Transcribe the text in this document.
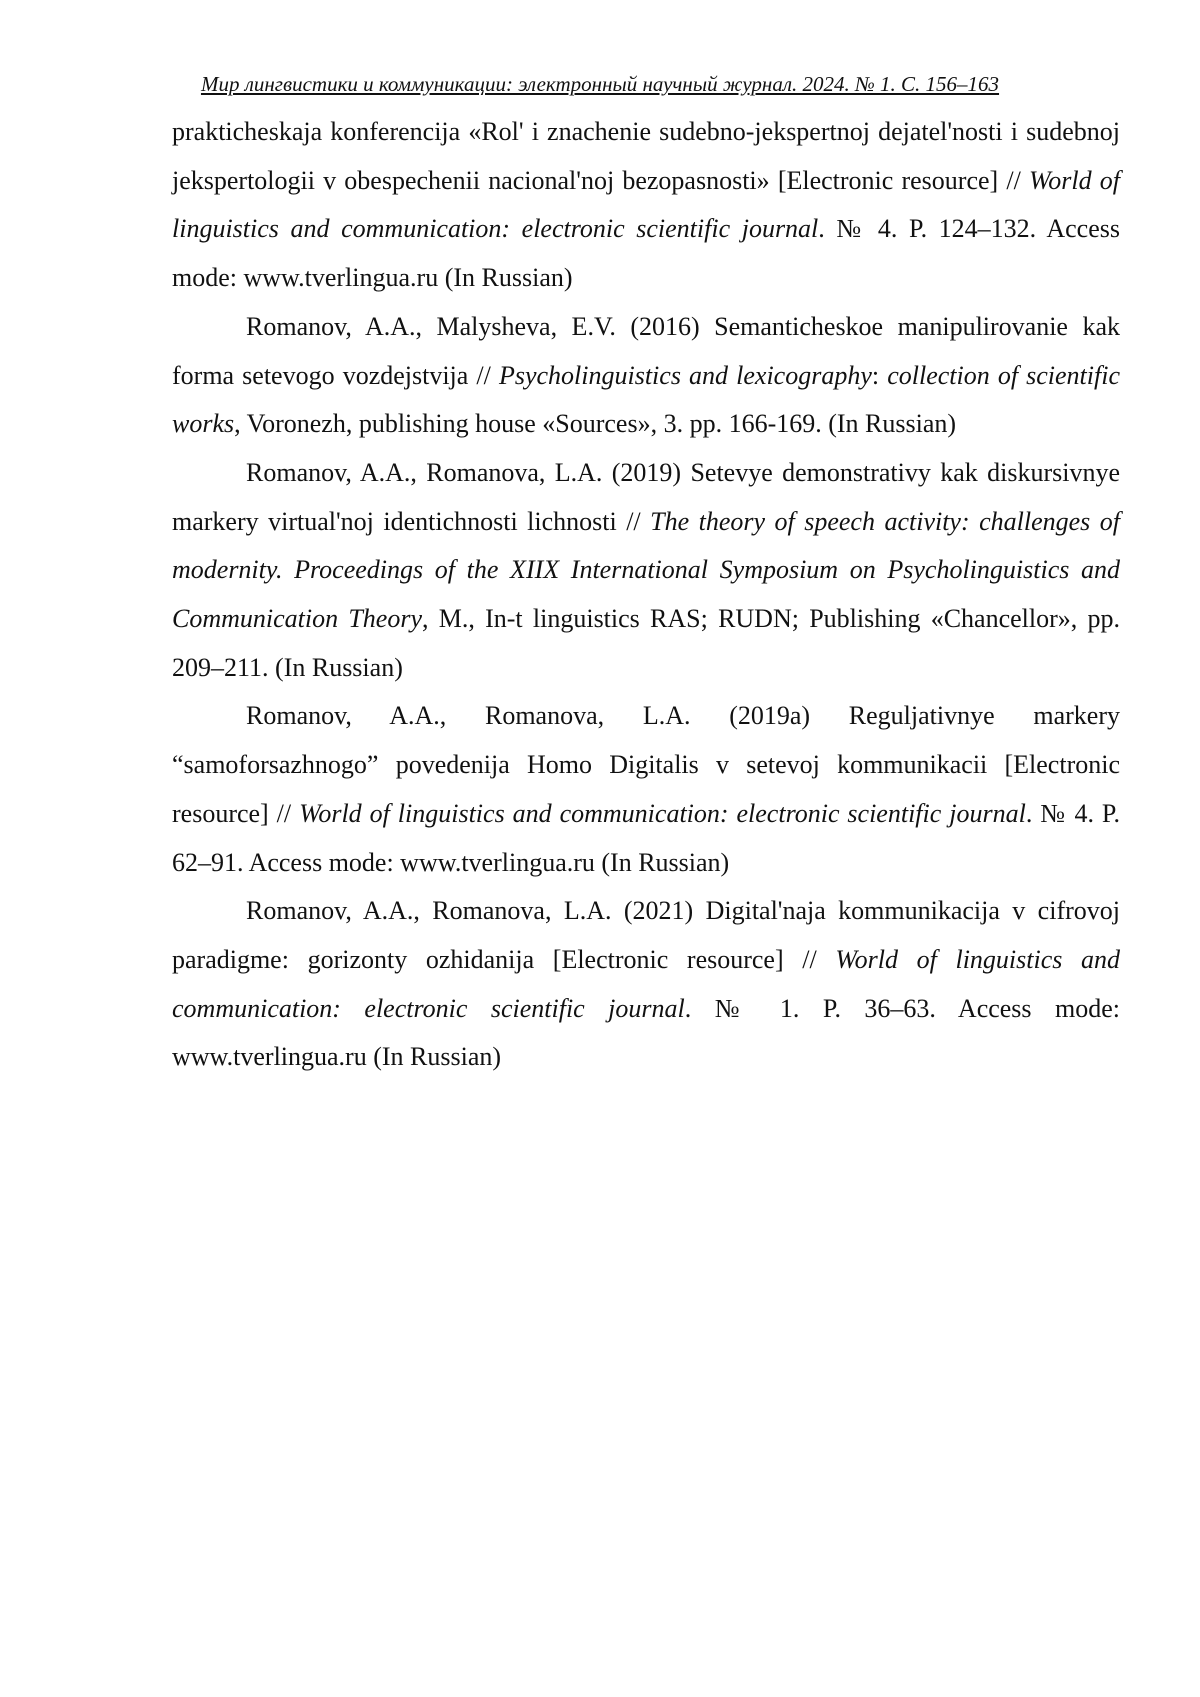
Мир лингвистики и коммуникации: электронный научный журнал. 2024. № 1. С. 156–163

prakticheskaja konferencija «Rol' i znachenie sudebno-jekspertnoj dejatel'nosti i sudebnoj jekspertologii v obespechenii nacional'noj bezopasnosti» [Electronic resource] // World of linguistics and communication: electronic scientific journal. № 4. P. 124–132. Access mode: www.tverlingua.ru (In Russian)

Romanov, A.A., Malysheva, E.V. (2016) Semanticheskoe manipulirovanie kak forma setevogo vozdejstvija // Psycholinguistics and lexicography: collection of scientific works, Voronezh, publishing house «Sources», 3. pp. 166-169. (In Russian)

Romanov, A.A., Romanova, L.A. (2019) Setevye demonstrativy kak diskursivnye markery virtual'noj identichnosti lichnosti // The theory of speech activity: challenges of modernity. Proceedings of the XIIX International Symposium on Psycholinguistics and Communication Theory, M., In-t linguistics RAS; RUDN; Publishing «Chancellor», pp. 209–211. (In Russian)

Romanov, A.A., Romanova, L.A. (2019a) Reguljativnye markery “samoforsazhnogo” povedenija Homo Digitalis v setevoj kommunikacii [Electronic resource] // World of linguistics and communication: electronic scientific journal. № 4. P. 62–91. Access mode: www.tverlingua.ru (In Russian)

Romanov, A.A., Romanova, L.A. (2021) Digital'naja kommunikacija v cifrovoj paradigme: gorizonty ozhidanija [Electronic resource] // World of linguistics and communication: electronic scientific journal. № 1. P. 36–63. Access mode: www.tverlingua.ru (In Russian)
